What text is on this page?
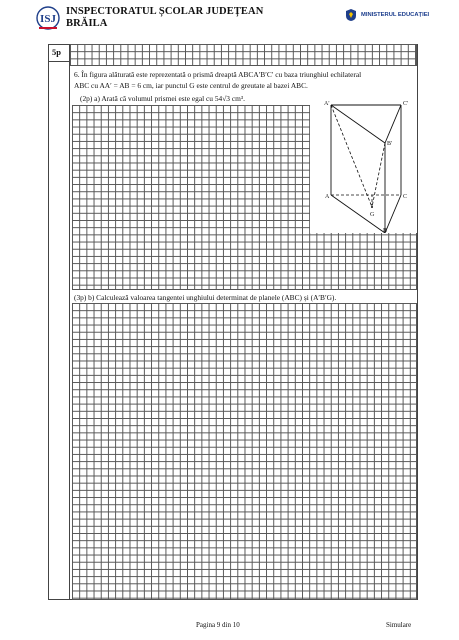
ISJ
INSPECTORATUL ȘCOLAR JUDEȚEAN
BRĂILA
MINISTERUL EDUCAȚIEI
5p
6. În figura alăturată este reprezentată o prismă dreaptă ABCA′B′C′ cu baza triunghiul echilateral
ABC cu AA′ = AB = 6 cm, iar punctul G este centrul de greutate al bazei ABC.
(2p) a) Arată că volumul prismei este egal cu 54√3 cm³.
A'	C'
B'
A	C
B
G
(3p) b) Calculează valoarea tangentei unghiului determinat de planele (ABC) și (A′B′G).
Pagina 9 din 10	Simulare
